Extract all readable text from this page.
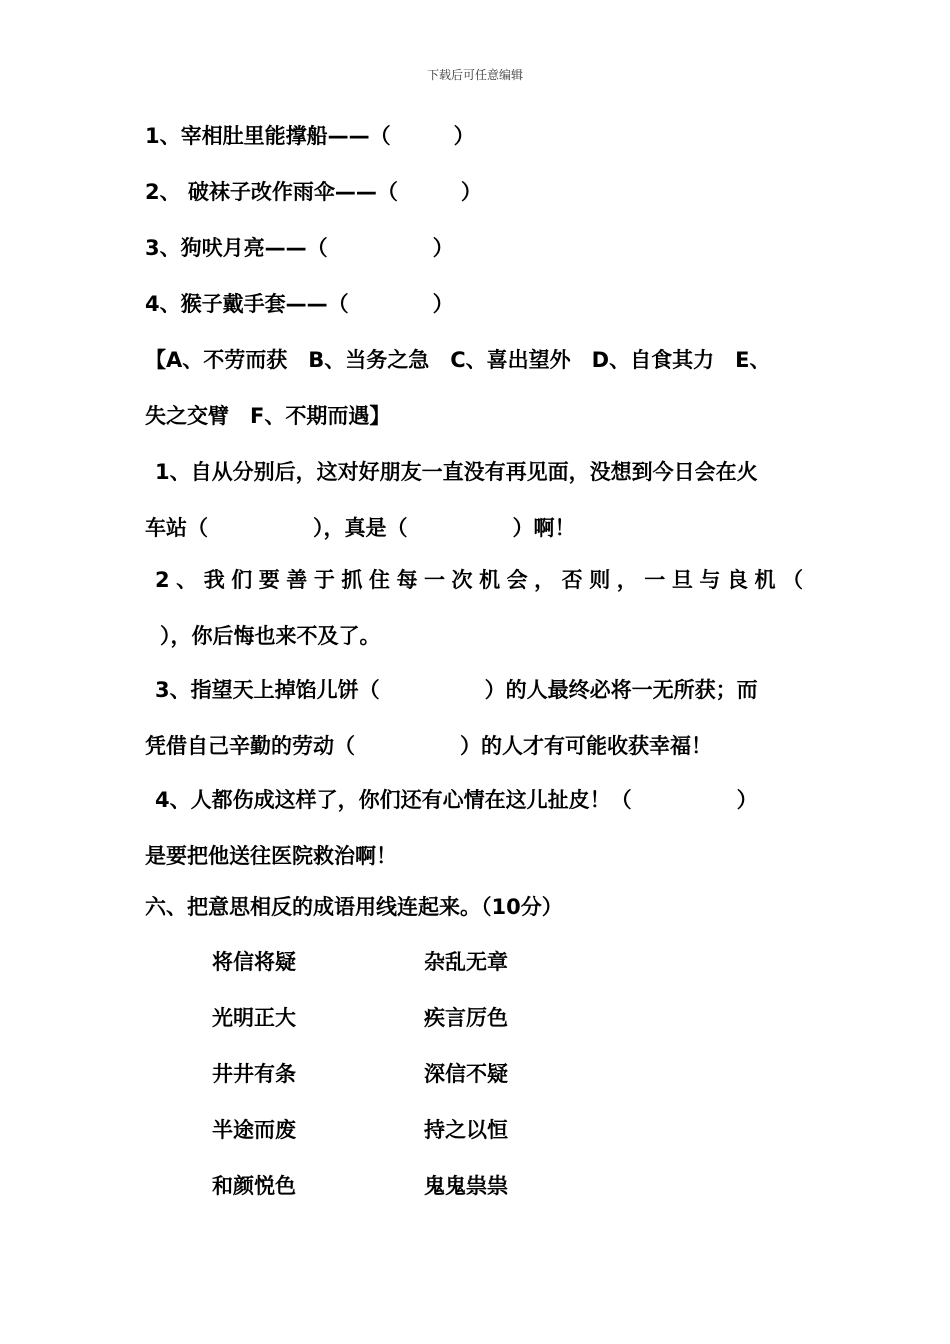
下载后可任意编辑
1、宰相肚里能撑船——（　　　）
2、 破袜子改作雨伞——（　　　）
3、狗吠月亮——（　　　　　）
4、猴子戴手套——（　　　　）
【A、不劳而获　B、当务之急　C、喜出望外　D、自食其力　E、
失之交臂　F、不期而遇】
1、自从分别后，这对好朋友一直没有再见面，没想到今日会在火
车站（　　　　　），真是（　　　　　）啊！
2、我们要善于抓住每一次机会，否则，一旦与良机（
），你后悔也来不及了。
3、指望天上掉馅儿饼（　　　　　）的人最终必将一无所获；而
凭借自己辛勤的劳动（　　　　　）的人才有可能收获幸福！
4、人都伤成这样了，你们还有心情在这儿扯皮！（　　　　　）
是要把他送往医院救治啊！
六、把意思相反的成语用线连起来。（10分）
将信将疑	杂乱无章
光明正大	疾言厉色
井井有条	深信不疑
半途而废	持之以恒
和颜悦色	鬼鬼祟祟
